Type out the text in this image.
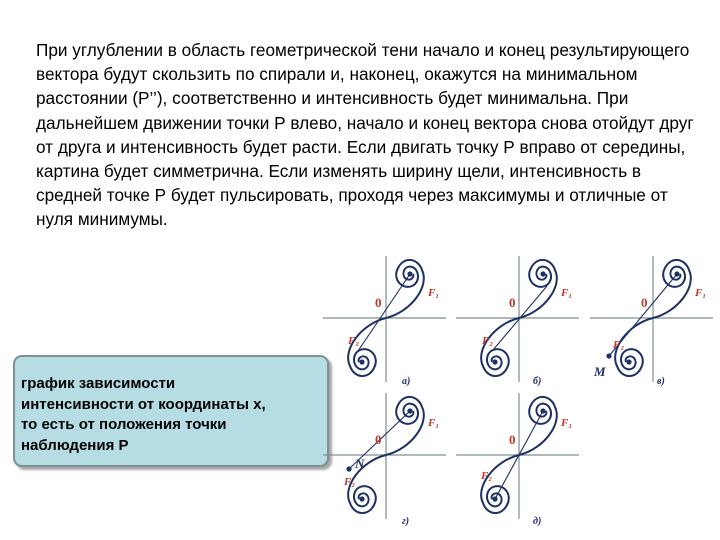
При углублении в область геометрической тени начало и конец результирующего вектора будут скользить по спирали и, наконец, окажутся на минимальном расстоянии (Р’’), соответственно и интенсивность будет минимальна. При дальнейшем движении точки Р влево, начало и конец вектора снова отойдут друг от друга и интенсивность будет расти. Если двигать точку Р вправо от середины, картина будет симметрична. Если изменять ширину щели, интенсивность в средней точке Р будет пульсировать, проходя через максимумы и отличные от нуля минимумы.

график зависимости
интенсивности от координаты х,
то есть от положения точки
наблюдения Р
0
F₁
F₂
а)
0
F₁
F₂
б)
0
F₁
F₂
M
в)
0
F₁
F₂
N
г)
0
F₁
F₂
д)
